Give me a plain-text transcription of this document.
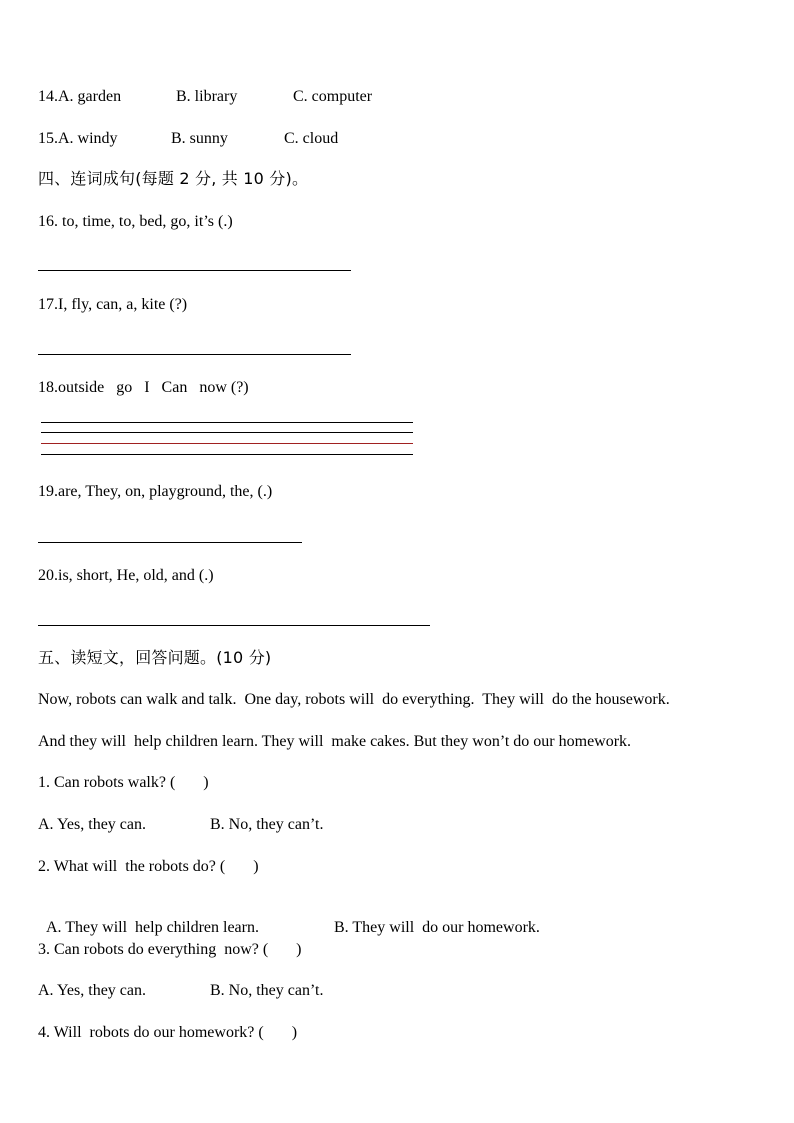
14.A. garden	B. library	C. computer
15.A. windy	B. sunny	C. cloud
四、连词成句(每题 2 分, 共 10 分)。
16. to, time, to, bed, go, it’s (.)
17.I, fly, can, a, kite (?)
18.outside   go   I   Can   now (?)
19.are, They, on, playground, the, (.)
20.is, short, He, old, and (.)
五、读短文，回答问题。(10 分)
Now, robots can walk and talk.  One day, robots will  do everything.  They will  do the housework.
And they will  help children learn. They will  make cakes. But they won’t do our homework.
1. Can robots walk? (       )
A. Yes, they can.	B. No, they can’t.
2. What will  the robots do? (       )

A. They will  help children learn.	B. They will  do our homework.

3. Can robots do everything  now? (       )
A. Yes, they can.	B. No, they can’t.
4. Will  robots do our homework? (       )
